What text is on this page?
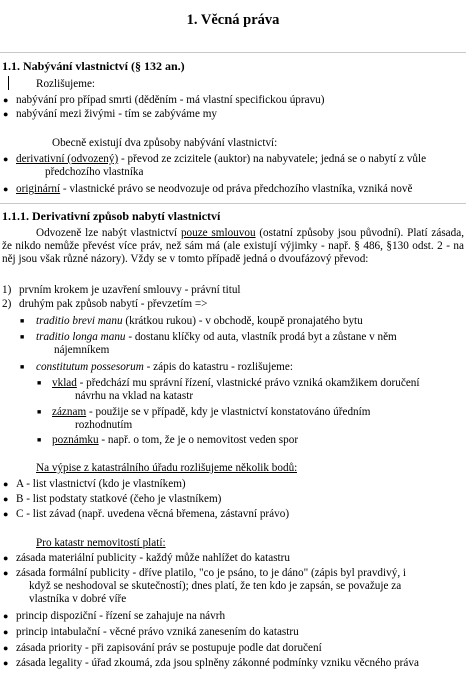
1. Věcná práva
1.1. Nabývání vlastnictví (§ 132 an.)
Rozlišujeme:
● nabývání pro případ smrti (děděním - má vlastní specifickou úpravu)
● nabývání mezi živými - tím se zabýváme my
Obecně existují dva způsoby nabývání vlastnictví:
● derivativní (odvozený) - převod ze zcizitele (auktor) na nabyvatele; jedná se o nabytí z vůle
předchozího vlastníka
● originární - vlastnické právo se neodvozuje od práva předchozího vlastníka, vzniká nově
1.1.1. Derivativní způsob nabytí vlastnictví
Odvozeně lze nabýt vlastnictví pouze smlouvou (ostatní způsoby jsou původní). Platí zásada, že nikdo nemůže převést více práv, než sám má (ale existují výjimky - např. § 486, §130 odst. 2 - na něj jsou však různé názory). Vždy se v tomto případě jedná o dvoufázový převod:
1) prvním krokem je uzavření smlouvy - právní titul
2) druhým pak způsob nabytí - převzetím =>
■ traditio brevi manu (krátkou rukou) - v obchodě, koupě pronajatého bytu
■ traditio longa manu - dostanu klíčky od auta, vlastník prodá byt a zůstane v něm
nájemníkem
■ constitutum possesorum - zápis do katastru - rozlišujeme:
■ vklad - předchází mu správní řízení, vlastnické právo vzniká okamžikem doručení
návrhu na vklad na katastr
■ záznam - použije se v případě, kdy je vlastnictví konstatováno úředním
rozhodnutím
■ poznámku - např. o tom, že je o nemovitost veden spor
Na výpise z katastrálního úřadu rozlišujeme několik bodů:
● A - list vlastnictví (kdo je vlastníkem)
● B - list podstaty statkové (čeho je vlastníkem)
● C - list závad (např. uvedena věcná břemena, zástavní právo)
Pro katastr nemovitostí platí:
● zásada materiální publicity - každý může nahlížet do katastru
● zásada formální publicity - dříve platilo, "co je psáno, to je dáno" (zápis byl pravdivý, i
když se neshodoval se skutečností); dnes platí, že ten kdo je zapsán, se považuje za
vlastníka v dobré víře
● princip dispoziční - řízení se zahajuje na návrh
● princip intabulační - věcné právo vzniká zanesením do katastru
● zásada priority - při zapisování práv se postupuje podle dat doručení
● zásada legality - úřad zkoumá, zda jsou splněny zákonné podmínky vzniku věcného práva
